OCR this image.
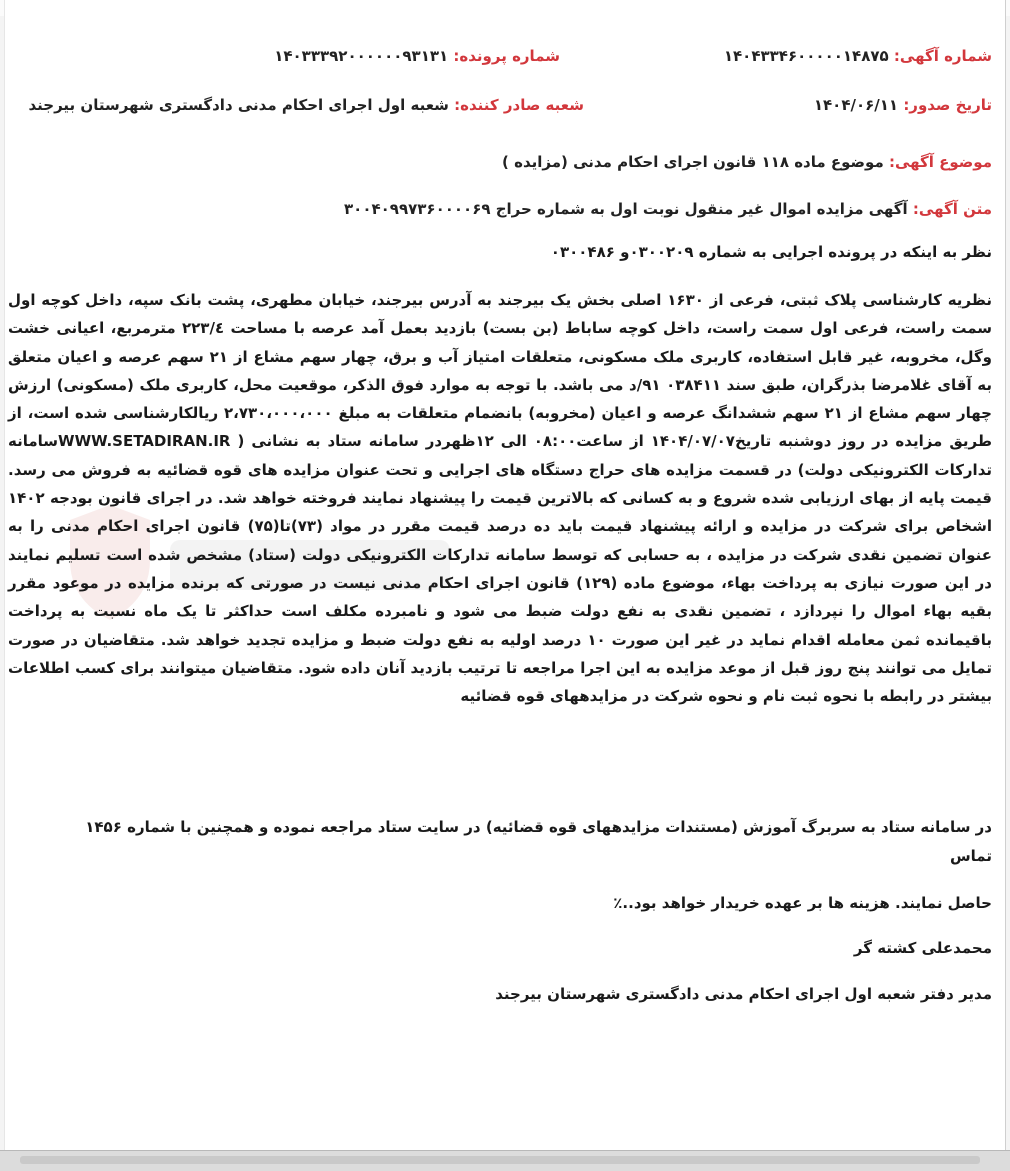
شماره آگهی: ۱۴۰۴۳۳۴۶۰۰۰۰۰۱۴۸۷۵
شماره پرونده: ۱۴۰۳۳۳۹۲۰۰۰۰۰۰۹۳۱۳۱
تاریخ صدور: ۱۴۰۴/۰۶/۱۱
شعبه صادر کننده: شعبه اول اجرای احکام مدنی دادگستری شهرستان بیرجند
موضوع آگهی: موضوع ماده ۱۱۸ قانون اجرای احکام مدنی (مزایده )
متن آگهی: آگهی مزایده اموال غیر منقول نوبت اول به شماره حراج ۳۰۰۴۰۹۹۷۳۶۰۰۰۰۶۹
نظر به اینکه در پرونده اجرایی به شماره ۰۳۰۰۲۰۹و ۰۳۰۰۴۸۶
نظریه کارشناسی پلاک ثبتی، فرعی از ۱۶۳۰ اصلی بخش یک بیرجند به آدرس بیرجند، خیابان مطهری، پشت بانک سپه، داخل کوچه اول سمت راست، فرعی اول سمت راست، داخل کوچه ساباط (بن بست) بازدید بعمل آمد عرصه با مساحت ۲۲۳/٤ مترمربع، اعیانی خشت وگل، مخروبه، غیر قابل استفاده، کاربری ملک مسکونی، متعلقات امتیاز آب و برق، چهار سهم مشاع از ۲۱ سهم عرصه و اعیان متعلق به آقای غلامرضا بذرگران، طبق سند ۰۳۸۴۱۱ ۹۱/د می باشد. با توجه به موارد فوق الذکر، موقعیت محل، کاربری ملک (مسکونی) ارزش چهار سهم مشاع از ۲۱ سهم ششدانگ عرصه و اعیان (مخروبه) بانضمام متعلقات به مبلغ ۲،۷۳۰،۰۰۰،۰۰۰ ریالکارشناسی شده است، از طریق مزایده در روز دوشنبه تاریخ۱۴۰۴/۰۷/۰۷ از ساعت۰۸:۰۰ الی ۱۲ظهردر سامانه ستاد به نشانی ( WWW.SETADIRAN.IRسامانه تدارکات الکترونیکی دولت) در قسمت مزایده های حراج دستگاه های اجرایی و تحت عنوان مزایده های قوه قضائیه به فروش می رسد. قیمت پایه از بهای ارزیابی شده شروع و به کسانی که بالاترین قیمت را پیشنهاد نمایند فروخته خواهد شد. در اجرای قانون بودجه ۱۴۰۲ اشخاص برای شرکت در مزایده و ارائه پیشنهاد قیمت باید ده درصد قیمت مقرر در مواد (۷۳)تا(۷۵) قانون اجرای احکام مدنی را به عنوان تضمین نقدی شرکت در مزایده ، به حسابی که توسط سامانه تدارکات الکترونیکی دولت (ستاد) مشخص شده است تسلیم نمایند در این صورت نیازی به پرداخت بهاء، موضوع ماده (۱۲۹) قانون اجرای احکام مدنی نیست در صورتی که برنده مزایده در موعود مقرر بقیه بهاء اموال را نپردازد ، تضمین نقدی به نفع دولت ضبط می شود و نامبرده مکلف است حداکثر تا یک ماه نسبت به پرداخت باقیمانده ثمن معامله اقدام نماید در غیر این صورت ۱۰ درصد اولیه به نفع دولت ضبط و مزایده تجدید خواهد شد. متقاضیان در صورت تمایل می توانند پنج روز قبل از موعد مزایده به این اجرا مراجعه تا ترتیب بازدید آنان داده شود. متقاضیان میتوانند برای کسب اطلاعات بیشتر در رابطه با نحوه ثبت نام و نحوه شرکت در مزایدههای قوه قضائیه
در سامانه ستاد به سربرگ آموزش (مستندات مزایدههای قوه قضائیه) در سایت ستاد مراجعه نموده و همچنین با شماره ۱۴۵۶
تماس
حاصل نمایند. هزینه ها بر عهده خریدار خواهد بود..٪
محمدعلی کشته گر
مدیر دفتر شعبه اول اجرای احکام مدنی دادگستری شهرستان بیرجند
